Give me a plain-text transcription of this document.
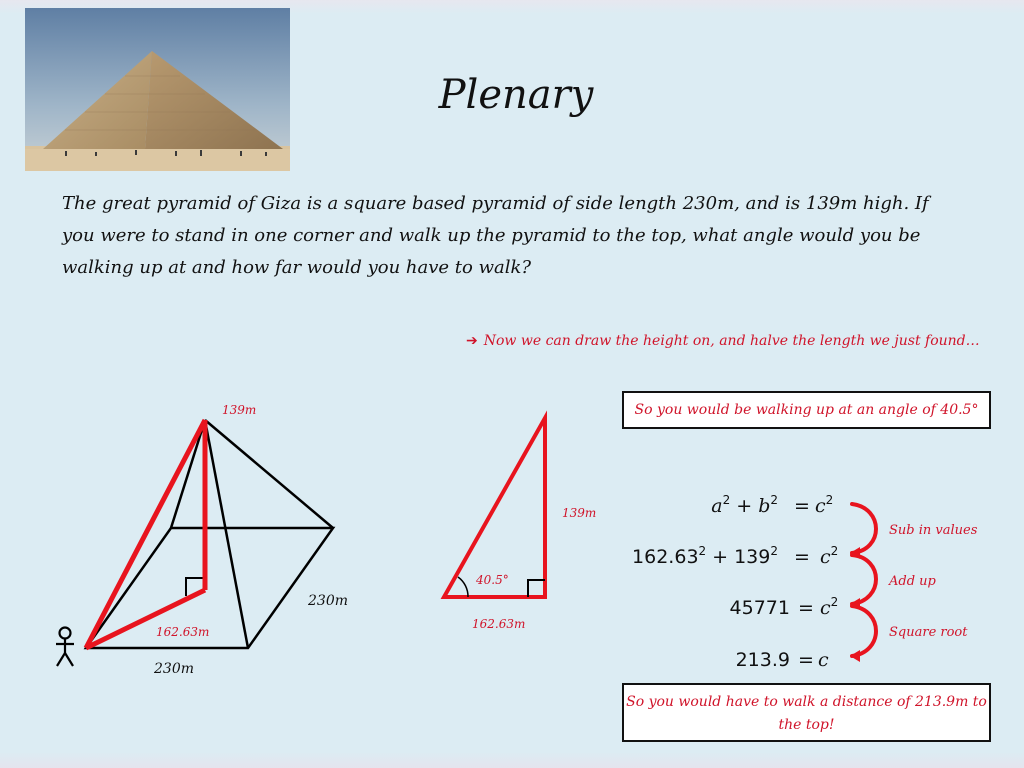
Plenary
The great pyramid of Giza is a square based pyramid of side length 230m, and is 139m high. If you were to stand in one corner and walk up the pyramid to the top, what angle would you be walking up at and how far would you have to walk?
➔ Now we can draw the height on, and halve the length we just found…
So you would be walking up at an angle of 40.5°
139m
162.63m
230m
230m
139m
40.5°
162.63m
$a^2 + b^2 = c^2$
$162.63^2 + 139^2 = c^2$
$45771 = c^2$
213.9 = c
Sub in values
Add up
Square root
So you would have to walk a distance of 213.9m to the top!
